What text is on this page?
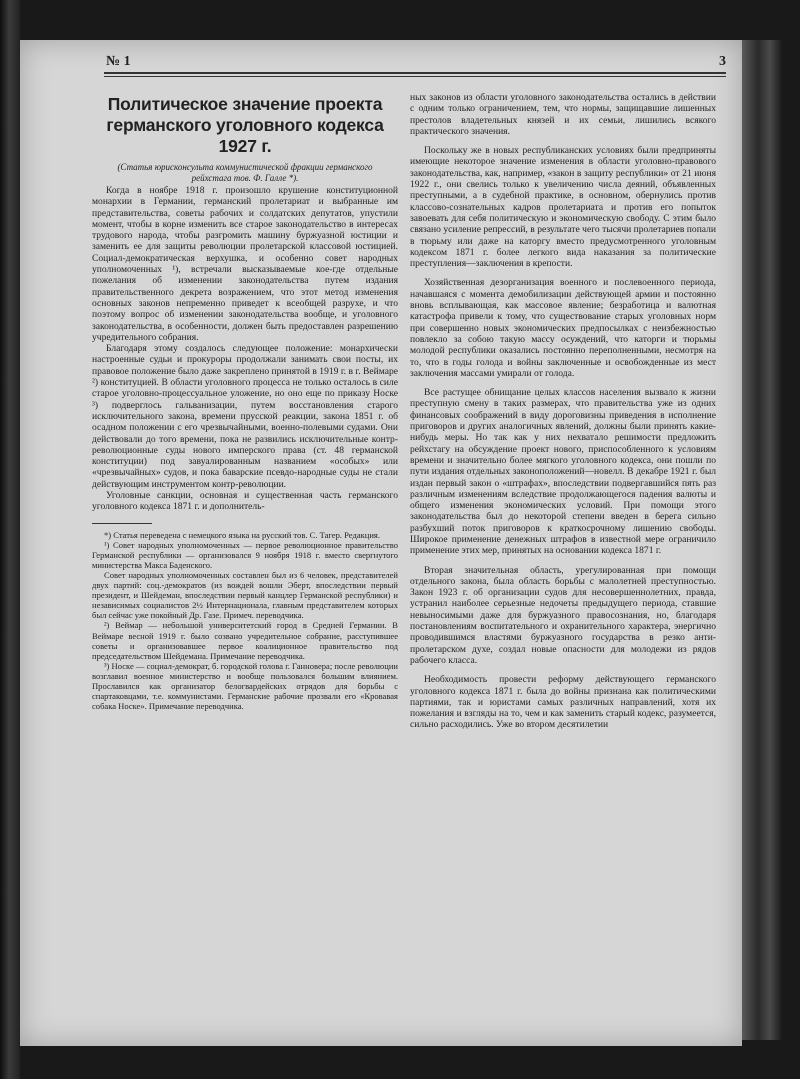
№ 1	3
Политическое значение проекта германского уголовного кодекса 1927 г.
(Статья юрисконсульта коммунистической фракции германского рейхстага тов. Ф. Галле *).

Когда в ноябре 1918 г. произошло крушение конституционной монархии в Германии, германский пролетариат и выбранные им представительства, советы рабочих и солдатских депутатов, упустили момент, чтобы в корне изменить все старое законодательство в интересах трудового народа, чтобы разгромить машину буржуазной юстиции и заменить ее для защиты революции пролетарской классовой юстицией. Социал-демократическая верхушка, и особенно совет народных уполномоченных ¹), встречали высказываемые кое-где отдельные пожелания об изменении законодательства путем издания правительственного декрета возражением, что этот метод изменения основных законов непременно приведет к всеобщей разрухе, и что поэтому вопрос об изменении законодательства вообще, и уголовного законодательства, в особенности, должен быть предоставлен разрешению учредительного собрания.

Благодаря этому создалось следующее положение: монархически настроенные судьи и прокуроры продолжали занимать свои посты, их правовое положение было даже закреплено принятой в 1919 г. в г. Веймаре ²) конституцией. В области уголовного процесса не только осталось в силе старое уголовно-процессуальное уложение, но оно еще по приказу Носке ³) подверглось гальванизации, путем восстановления старого исключительного закона, времени прусской реакции, закона 1851 г. об осадном положении с его чрезвычайными, военно-полевыми судами. Они действовали до того времени, пока не развились исключительные контр-революционные суды нового имперского права (ст. 48 германской конституции) под завуалированным названием «особых» или «чрезвычайных» судов, и пока баварские псевдо-народные суды не стали действующим инструментом контр-революции.

Уголовные санкции, основная и существенная часть германского уголовного кодекса 1871 г. и дополнитель-

*) Статья переведена с немецкого языка на русский тов. С. Тагер. Редакция.

¹) Совет народных уполномоченных — первое революционное правительство Германской республики — организовался 9 ноября 1918 г. вместо свергнутого министерства Макса Баденского.

Совет народных уполномоченных составлен был из 6 человек, представителей двух партий: соц.-демократов (из вождей вошли Эберт, впоследствии первый президент, и Шейдеман, впоследствии первый канцлер Германской республики) и независимых социалистов 2½ Интернационала, главным представителем которых был сейчас уже покойный Др. Газе. Примеч. переводчика.

²) Веймар — небольшой университетский город в Средней Германии. В Веймаре весной 1919 г. было созвано учредительное собрание, расступившее советы и организовавшее первое коалиционное правительство под председательством Шейдемана. Примечание переводчика.

³) Носке — социал-демократ, б. городской голова г. Ганновера; после революции возглавил военное министерство и вообще пользовался большим влиянием. Прославился как организатор белогвардейских отрядов для борьбы с спартаковцами, т.е. коммунистами. Германские рабочие прозвали его «Кровавая собака Носке». Примечание переводчика.

ных законов из области уголовного законодательства остались в действии с одним только ограничением, тем, что нормы, защищавшие лишенных престолов владетельных князей и их семьи, лишились всякого практического значения.

Поскольку же в новых республиканских условиях были предприняты имеющие некоторое значение изменения в области уголовно-правового законодательства, как, например, «закон в защиту республики» от 21 июня 1922 г., они свелись только к увеличению числа деяний, объявленных преступными, а в судебной практике, в основном, обернулись против классово-сознательных кадров пролетариата и против его попыток завоевать для себя политическую и экономическую свободу. С этим было связано усиление репрессий, в результате чего тысячи пролетариев попали в тюрьму или даже на каторгу вместо предусмотренного уголовным кодексом 1871 г. более легкого вида наказания за политические преступления—заключения в крепости.

Хозяйственная дезорганизация военного и послевоенного периода, начавшаяся с момента демобилизации действующей армии и постоянно вновь всплывающая, как массовое явление; безработица и валютная катастрофа привели к тому, что существование старых уголовных норм при совершенно новых экономических предпосылках с неизбежностью повлекло за собою такую массу осуждений, что каторги и тюрьмы молодой республики оказались постоянно переполненными, несмотря на то, что в годы голода и войны заключенные и освобожденные из мест заключения массами умирали от голода.

Все растущее обнищание целых классов населения вызвало к жизни преступную смену в таких размерах, что правительства уже из одних финансовых соображений в виду дороговизны приведения в исполнение приговоров и других аналогичных явлений, должны были принять какие-нибудь меры. Но так как у них нехватало решимости предложить рейхстагу на обсуждение проект нового, приспособленного к условиям времени и значительно более мягкого уголовного кодекса, они пошли по пути издания отдельных законоположений—новелл. В декабре 1921 г. был издан первый закон о «штрафах», впоследствии подвергавшийся пять раз различным изменениям вследствие продолжающегося падения валюты и общего изменения экономических условий. При помощи этого законодательства был до некоторой степени введен в берега сильно разбухший поток приговоров к краткосрочному лишению свободы. Широкое применение денежных штрафов в известной мере ограничило применение этих мер, принятых на основании кодекса 1871 г.

Вторая значительная область, урегулированная при помощи отдельного закона, была область борьбы с малолетней преступностью. Закон 1923 г. об организации судов для несовершеннолетних, правда, устранил наиболее серьезные недочеты предыдущего периода, ставшие невыносимыми даже для буржуазного правосознания, но, благодаря постановлениям воспитательного и охранительного характера, энергично проводившимся властями буржуазного государства в резко анти-пролетарском духе, создал новые опасности для молодежи из рядов рабочего класса.

Необходимость провести реформу действующего германского уголовного кодекса 1871 г. была до войны признана как политическими партиями, так и юристами самых различных направлений, хотя их пожелания и взгляды на то, чем и как заменить старый кодекс, разумеется, сильно расходились. Уже во втором десятилетии
